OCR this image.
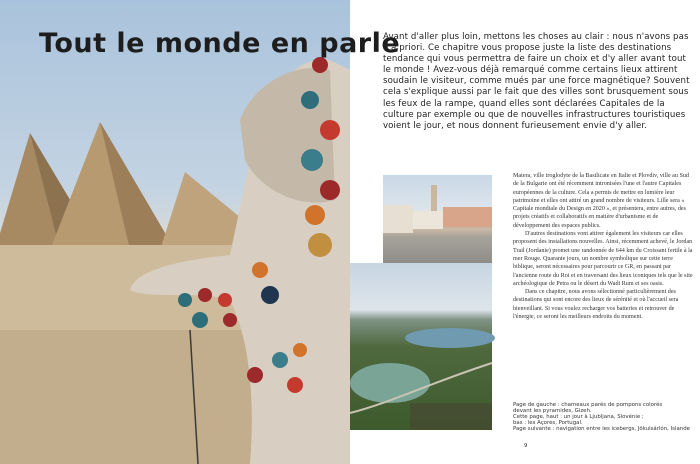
Tout le monde en parle

Avant d'aller plus loin, mettons les choses au clair : nous n'avons pas d'a priori. Ce chapitre vous propose juste la liste des destinations tendance qui vous permettra de faire un choix et d'y aller avant tout le monde ! Avez-vous déjà remarqué comme certains lieux attirent soudain le visiteur, comme mués par une force magnétique? Souvent cela s'explique aussi par le fait que des villes sont brusquement sous les feux de la rampe, quand elles sont déclarées Capitales de la culture par exemple ou que de nouvelles infrastructures touristiques voient le jour, et nous donnent furieusement envie d'y aller.

Matera, ville troglodyte de la Basilicate en Italie et Plovdiv, ville au Sud de la Bulgarie ont été récemment intronisées l'une et l'autre Capitales européennes de la culture. Cela a permis de mettre en lumière leur patrimoine et elles ont attiré un grand nombre de visiteurs. Lille sera « Capitale mondiale du Design en 2020 », et présentera, entre autres, des projets créatifs et collaboratifs en matière d'urbanisme et de développement des espaces publics.

D'autres destinations vont attirer également les visiteurs car elles proposent des installations nouvelles. Ainsi, récemment achevé, le Jordan Trail (Jordanie) promet une randonnée de 644 km du Croissant fertile à la mer Rouge. Quarante jours, un nombre symbolique sur cette terre biblique, seront nécessaires pour parcourir ce GR, en passant par l'ancienne route du Roi et en traversant des lieux iconiques tels que le site archéologique de Petra ou le désert du Wadi Rum et ses oasis.

Dans ce chapitre, nous avons sélectionné particulièrement des destinations qui sont encore des lieux de sérénité et où l'accueil sera bienveillant. Si vous voulez recharger vos batteries et retrouver de l'énergie, ce seront les meilleurs endroits du moment.

Page de gauche : chameaux parés de pompons colorés
devant les pyramides, Gizeh.
Cette page, haut : un jour à Ljubljana, Slovénie ;
bas : les Açores, Portugal.
Page suivante : navigation entre les icebergs, Jökulsárlón, Islande
9
